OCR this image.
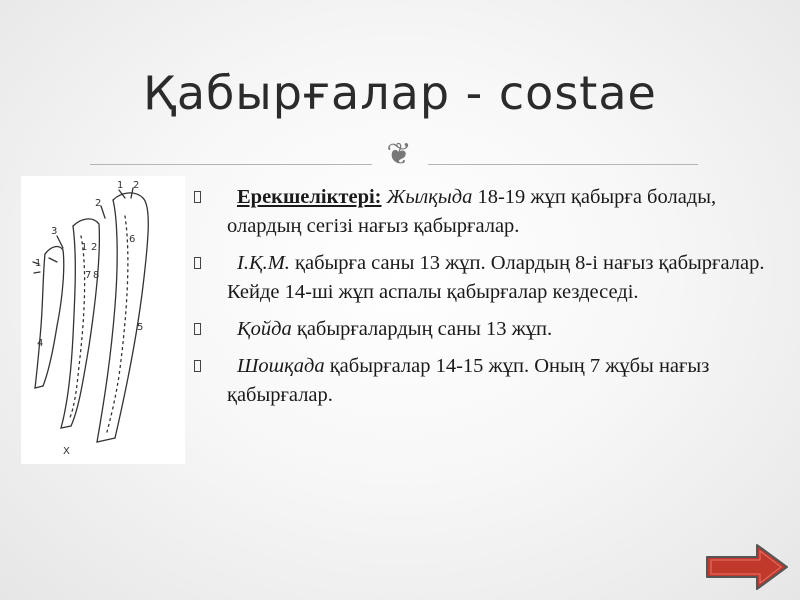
Қабырғалар - costae
❦
3
1
4
2
1 2
7 8
1 2
5
6
X
Ерекшеліктері: Жылқыда 18-19 жұп қабырға болады, олардың сегізі нағыз қабырғалар.
І.Қ.М. қабырға саны 13 жұп. Олардың 8-і нағыз қабырғалар. Кейде 14-ші жұп аспалы қабырғалар кездеседі.
Қойда қабырғалардың саны 13 жұп.
Шошқада қабырғалар 14-15 жұп. Оның 7 жұбы нағыз қабырғалар.
